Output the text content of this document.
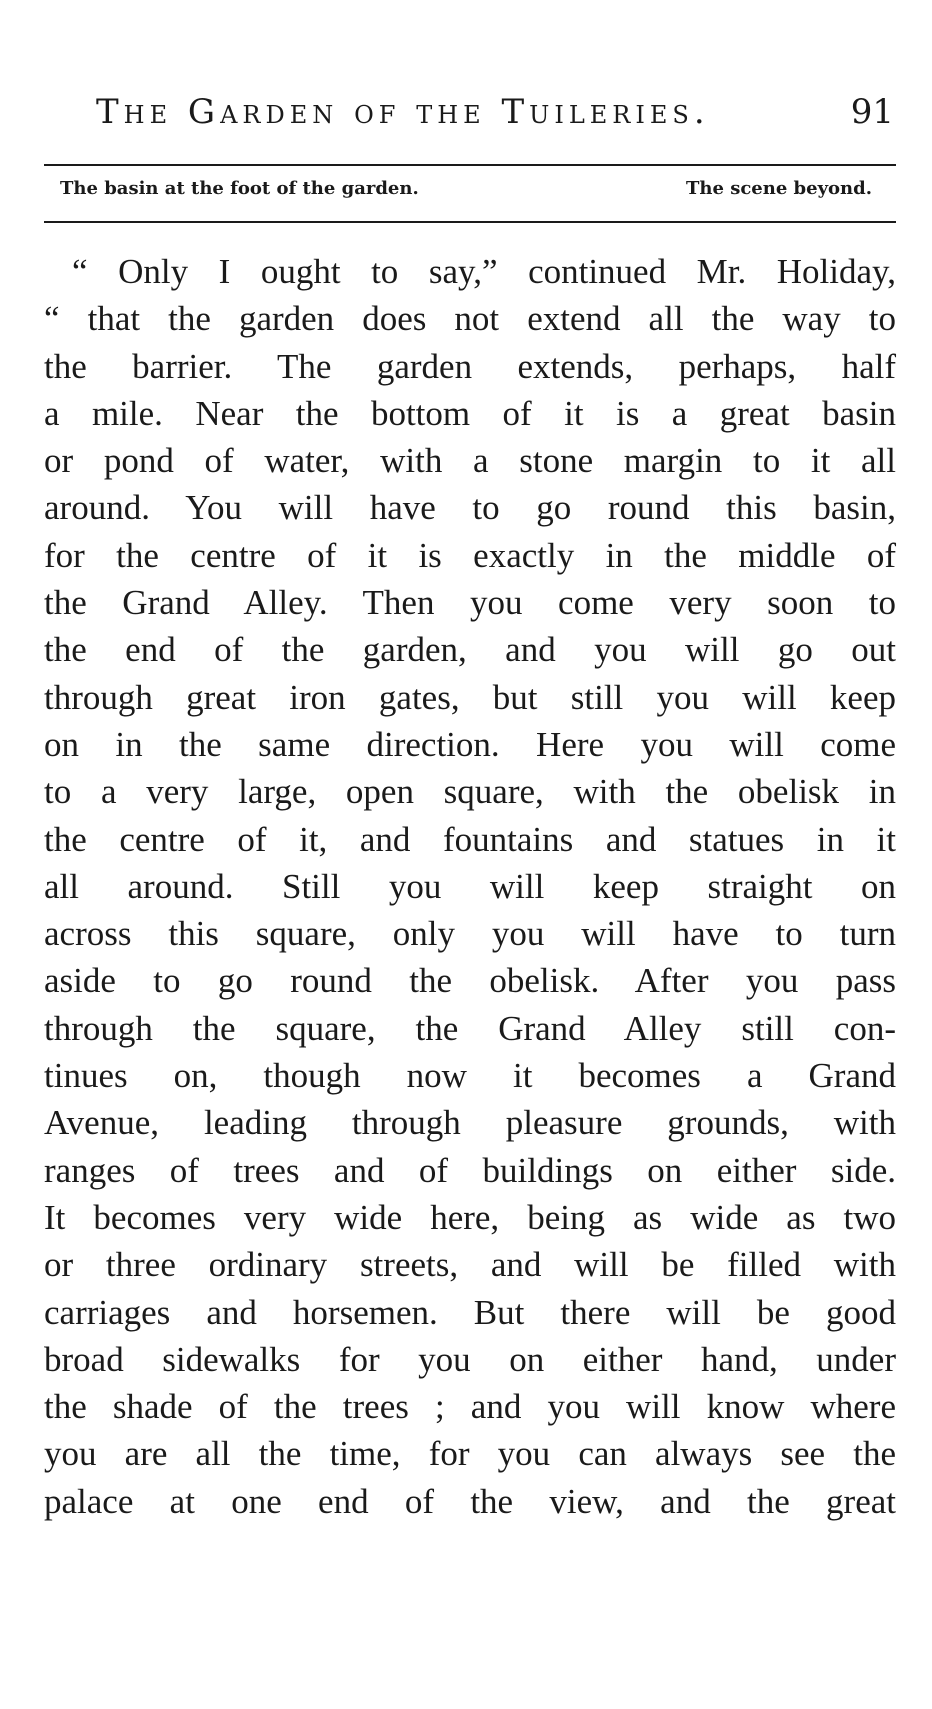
The Garden of the Tuileries.	91
The basin at the foot of the garden.	The scene beyond.
“ Only I ought to say,” continued Mr. Holiday,
“ that the garden does not extend all the way to
the barrier. The garden extends, perhaps, half
a mile. Near the bottom of it is a great basin
or pond of water, with a stone margin to it all
around. You will have to go round this basin,
for the centre of it is exactly in the middle of
the Grand Alley. Then you come very soon to
the end of the garden, and you will go out
through great iron gates, but still you will keep
on in the same direction. Here you will come
to a very large, open square, with the obelisk in
the centre of it, and fountains and statues in it
all around. Still you will keep straight on
across this square, only you will have to turn
aside to go round the obelisk. After you pass
through the square, the Grand Alley still con-
tinues on, though now it becomes a Grand
Avenue, leading through pleasure grounds, with
ranges of trees and of buildings on either side.
It becomes very wide here, being as wide as two
or three ordinary streets, and will be filled with
carriages and horsemen. But there will be good
broad sidewalks for you on either hand, under
the shade of the trees ; and you will know where
you are all the time, for you can always see the
palace at one end of the view, and the great
